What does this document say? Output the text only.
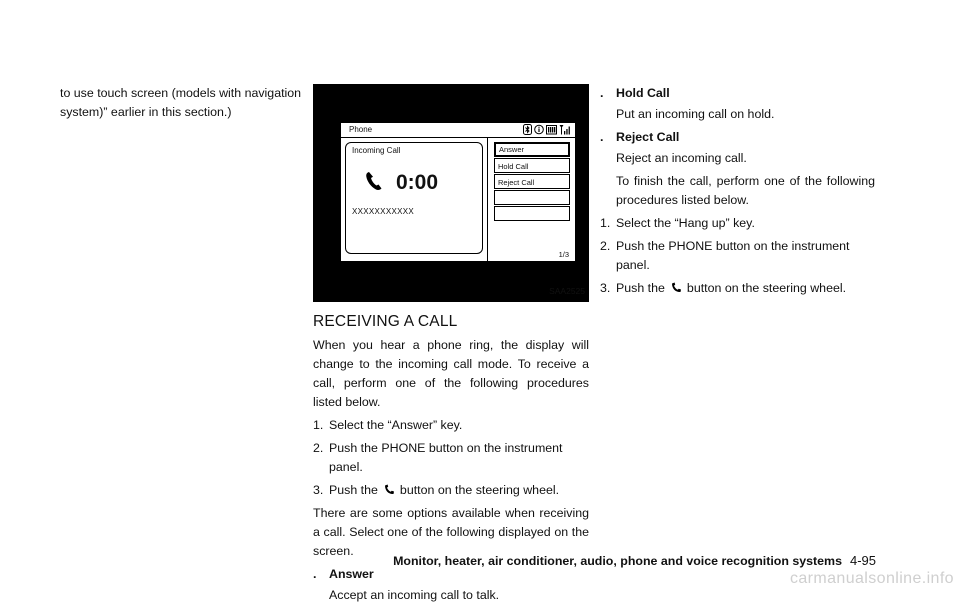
to use touch screen (models with navigation

system)” earlier in this section.)

Phone
Incoming Call
0:00
XXXXXXXXXXX
Answer
Hold Call
Reject Call
1/3
SAA2525
RECEIVING A CALL

When you hear a phone ring, the display will change to the incoming call mode. To receive a call, perform one of the following procedures listed below.

1. Select the “Answer” key.
2. Push the PHONE button on the instrument panel.
3. Push the button on the steering wheel.

There are some options available when receiving a call. Select one of the following displayed on the screen.

. Answer
Accept an incoming call to talk.
. Hold Call
Put an incoming call on hold.
. Reject Call
Reject an incoming call.
To finish the call, perform one of the following procedures listed below.
1. Select the “Hang up” key.
2. Push the PHONE button on the instrument panel.
3. Push the button on the steering wheel.
Monitor, heater, air conditioner, audio, phone and voice recognition systems 4-95
carmanualsonline.info
